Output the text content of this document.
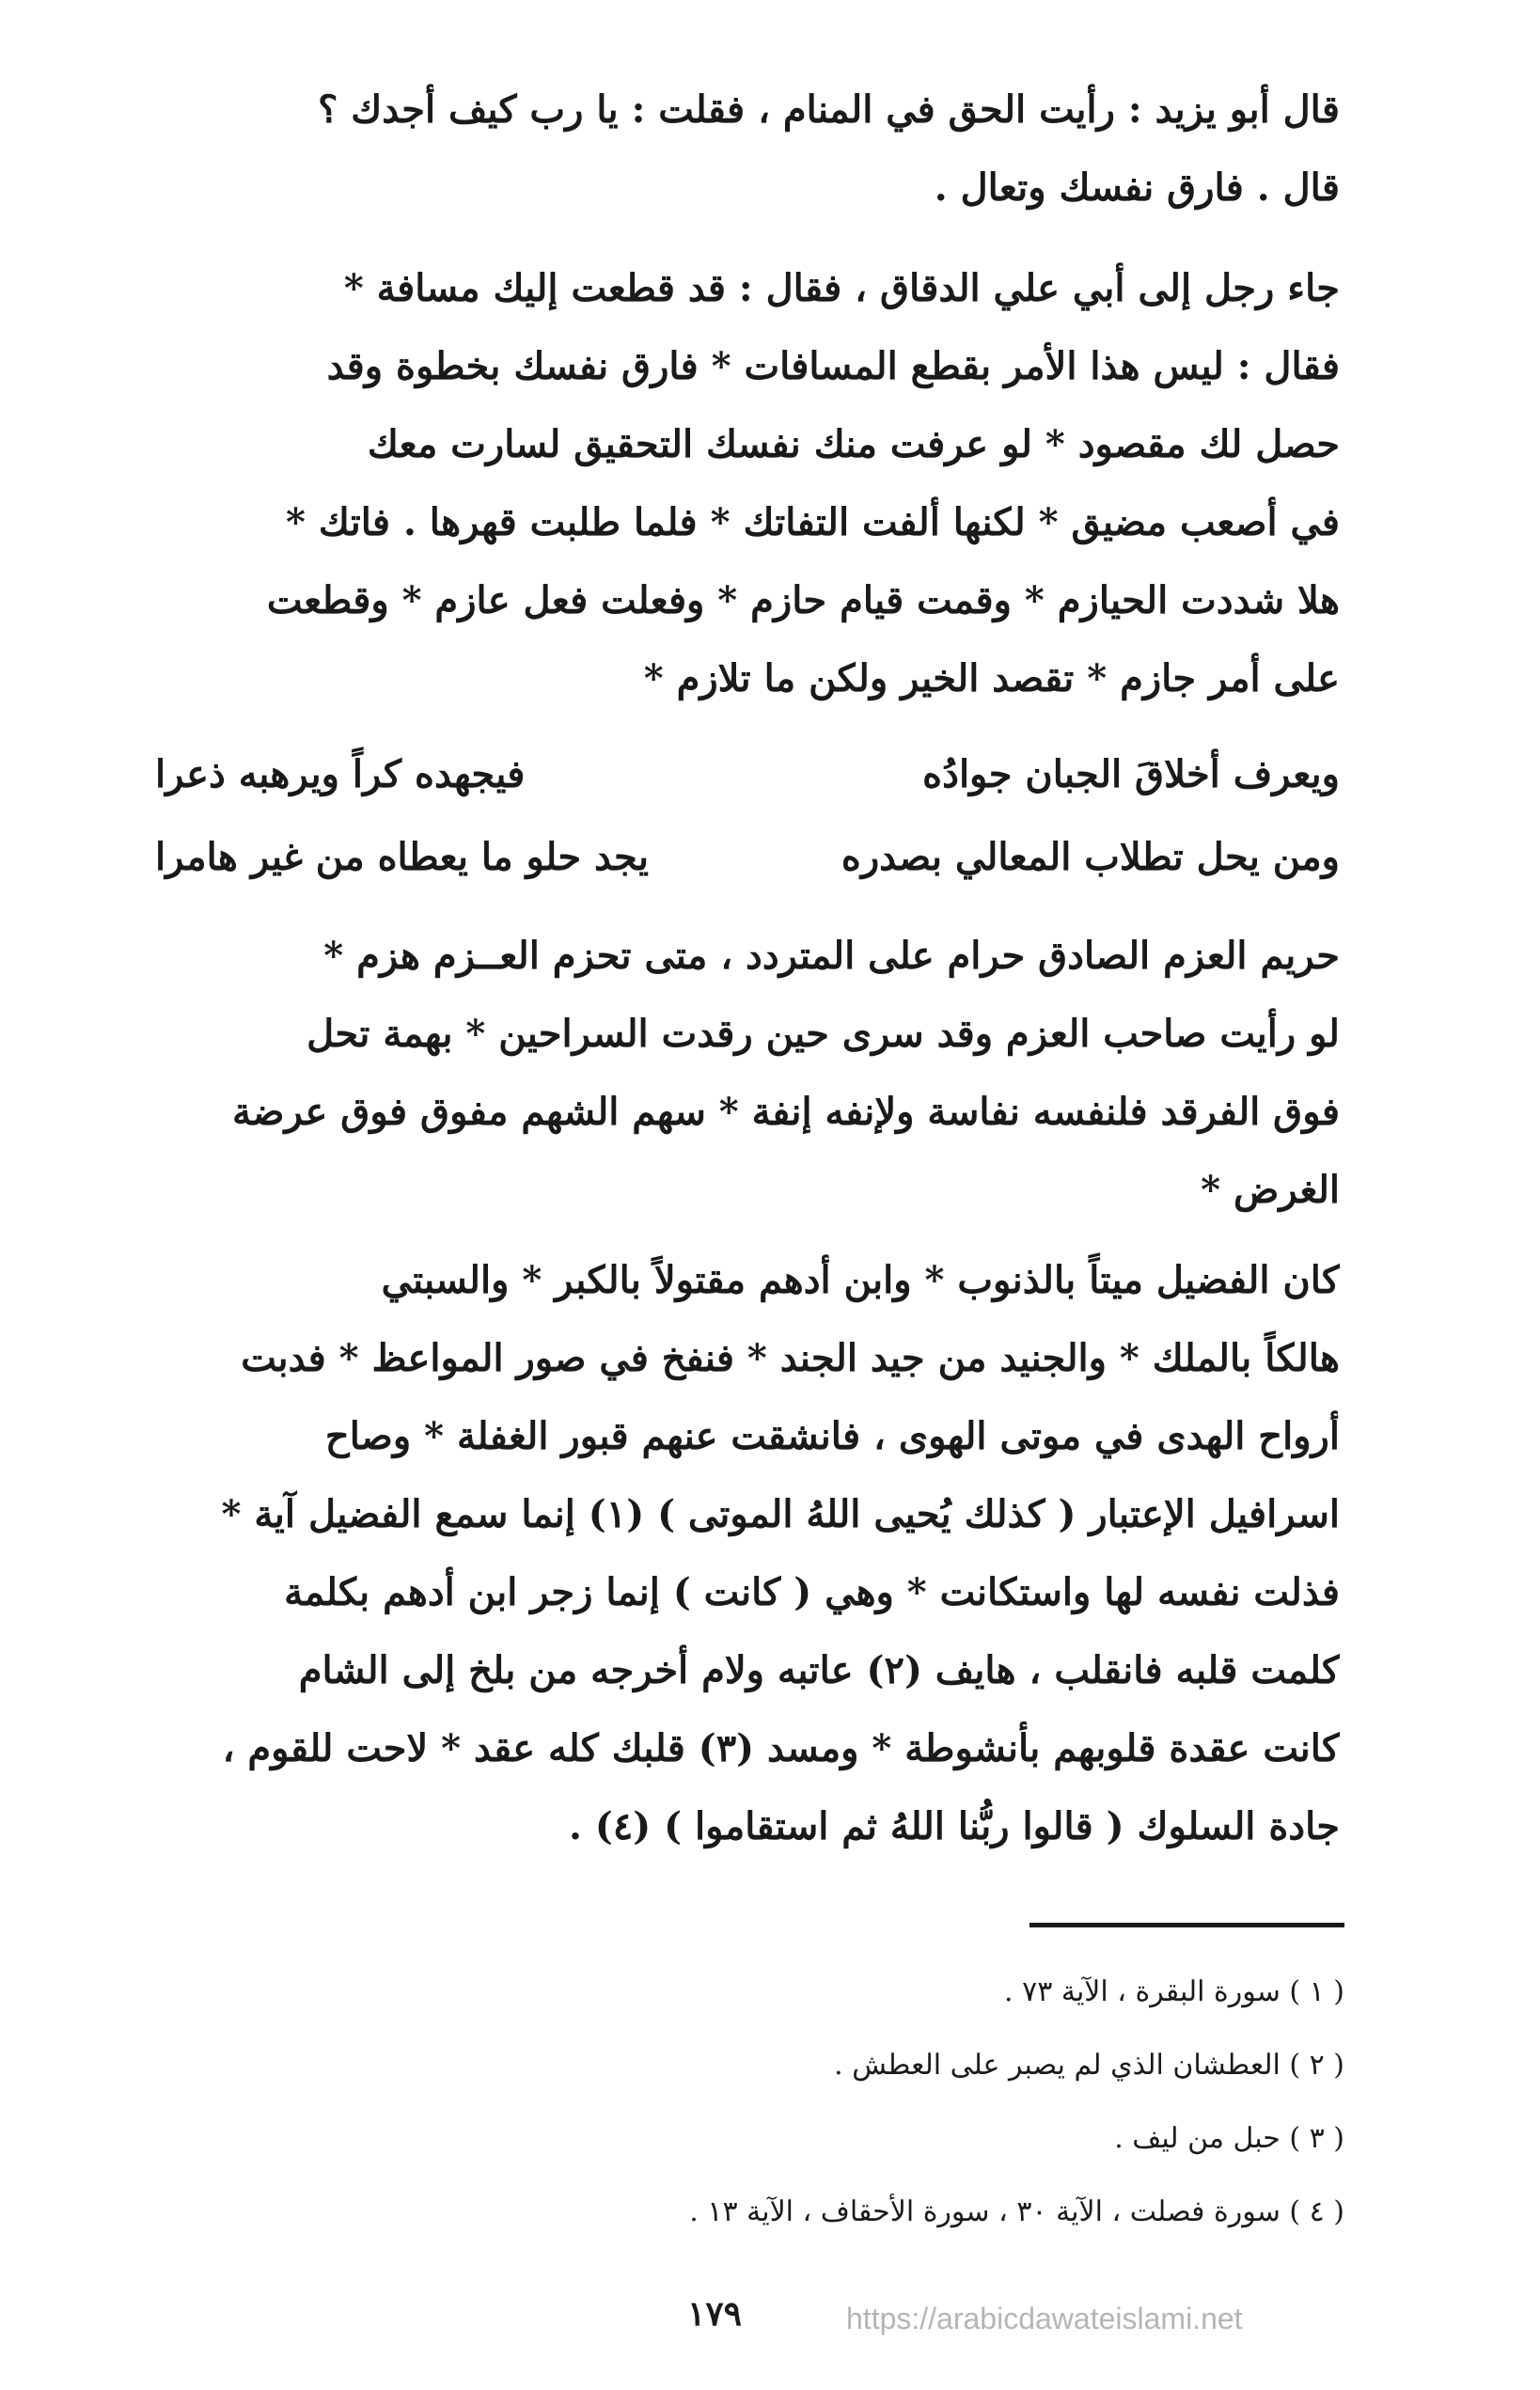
قال أبو يزيد : رأيت الحق في المنام ، فقلت : يا رب كيف أجدك ؟
قال . فارق نفسك وتعال .
جاء رجل إلى أبي علي الدقاق ، فقال : قد قطعت إليك مسافة *
فقال : ليس هذا الأمر بقطع المسافات * فارق نفسك بخطوة وقد
حصل لك مقصود * لو عرفت منك نفسك التحقيق لسارت معك
في أصعب مضيق * لكنها ألفت التفاتك * فلما طلبت قهرها . فاتك *
هلا شددت الحيازم * وقمت قيام حازم * وفعلت فعل عازم * وقطعت
على أمر جازم * تقصد الخير ولكن ما تلازم *
ويعرف أخلاقَ الجبان جوادُه
فيجهده كراً ويرهبه ذعرا
ومن يحل تطلاب المعالي بصدره
يجد حلو ما يعطاه من غير هامرا
حريم العزم الصادق حرام على المتردد ، متى تحزم العــزم هزم *
لو رأيت صاحب العزم وقد سرى حين رقدت السراحين * بهمة تحل
فوق الفرقد فلنفسه نفاسة ولإنفه إنفة * سهم الشهم مفوق فوق عرضة
الغرض *
كان الفضيل ميتاً بالذنوب * وابن أدهم مقتولاً بالكبر * والسبتي
هالكاً بالملك * والجنيد من جيد الجند * فنفخ في صور المواعظ * فدبت
أرواح الهدى في موتى الهوى ، فانشقت عنهم قبور الغفلة * وصاح
اسرافيل الإعتبار ( كذلك يُحيى اللهُ الموتى ) (١) إنما سمع الفضيل آية *
فذلت نفسه لها واستكانت * وهي ( كانت ) إنما زجر ابن أدهم بكلمة
كلمت قلبه فانقلب ، هايف (٢) عاتبه ولام أخرجه من بلخ إلى الشام
كانت عقدة قلوبهم بأنشوطة * ومسد (٣) قلبك كله عقد * لاحت للقوم ،
جادة السلوك ( قالوا ربُّنا اللهُ ثم استقاموا ) (٤) .
( ١ ) سورة البقرة ، الآية ٧٣ .
( ٢ ) العطشان الذي لم يصبر على العطش .
( ٣ ) حبل من ليف .
( ٤ ) سورة فصلت ، الآية ٣٠ ، سورة الأحقاف ، الآية ١٣ .
١٧٩	https://arabicdawateislami.net
